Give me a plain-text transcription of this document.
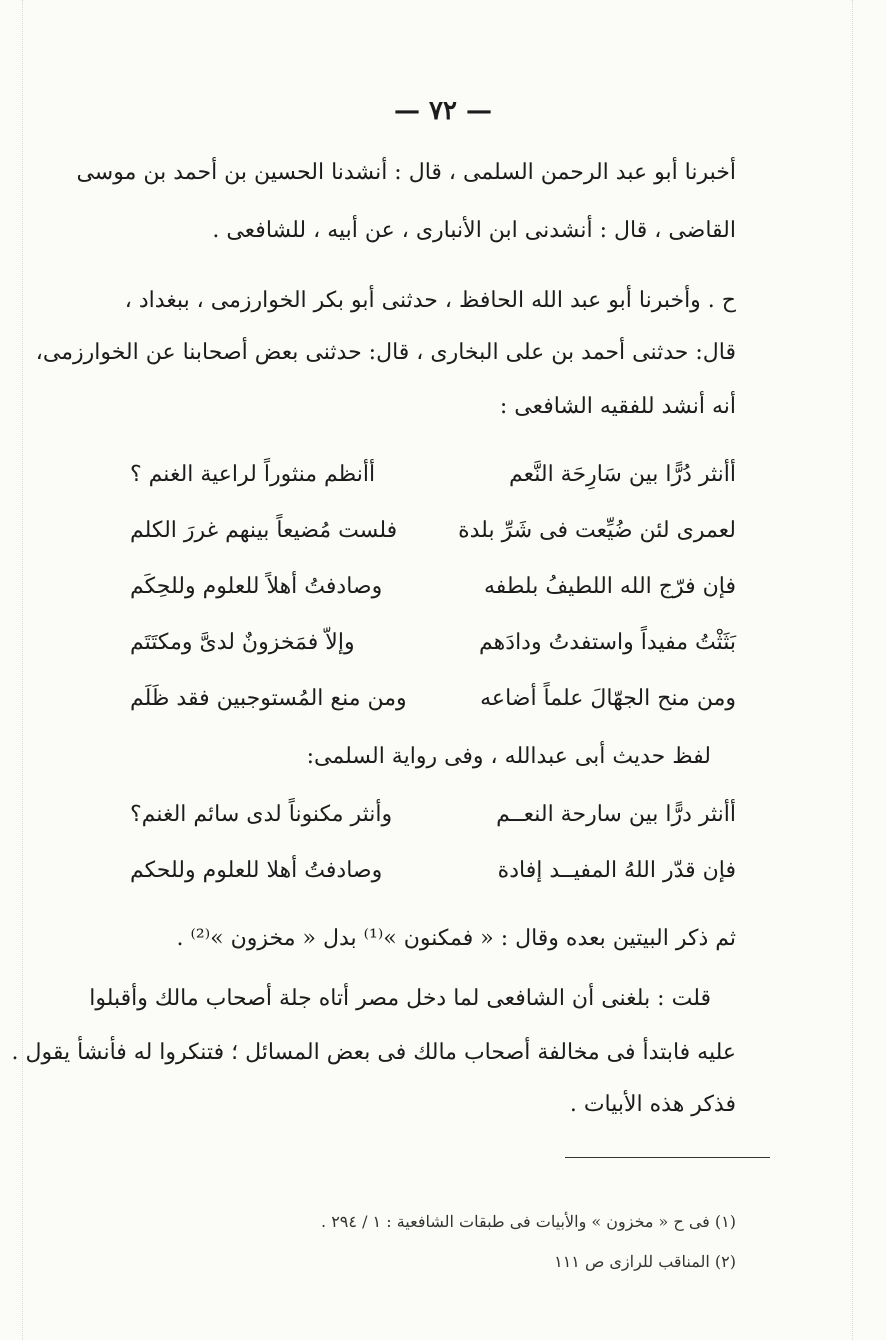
— ٧٢ —
أخبرنا أبو عبد الرحمن السلمى ، قال : أنشدنا الحسين بن أحمد بن موسى
القاضى ، قال : أنشدنى ابن الأنبارى ، عن أبيه ، للشافعى .
ح . وأخبرنا أبو عبد الله الحافظ ، حدثنى أبو بكر الخوارزمى ، ببغداد ،
قال: حدثنى أحمد بن على البخارى ، قال: حدثنى بعض أصحابنا عن الخوارزمى،
أنه أنشد للفقيه الشافعى :
أأنثر دُرًّا بين سَارِحَة النَّعم
أأنظم منثوراً لراعية الغنم ؟
لعمرى لئن ضُيِّعت فى شَرِّ بلدة
فلست مُضيعاً بينهم غررَ الكلم
فإن فرّج الله اللطيفُ بلطفه
وصادفتُ أهلاً للعلوم وللحِكَم
بَثَثْتُ مفيداً واستفدتُ ودادَهم
وإلاّ فمَخزونٌ لدىَّ ومكتَتَم
ومن منح الجهّالَ علماً أضاعه
ومن منع المُستوجبين فقد ظَلَم
لفظ حديث أبى عبدالله ، وفى رواية السلمى:
أأنثر درًّا بين سارحة النعــم
وأنثر مكنوناً لدى سائم الغنم؟
فإن قدّر اللهُ المفيــد إفادة
وصادفتُ أهلا للعلوم وللحكم
ثم ذكر البيتين بعده وقال : « فمكنون »⁽¹⁾ بدل « مخزون »⁽²⁾ .
قلت : بلغنى أن الشافعى لما دخل مصر أتاه جلة أصحاب مالك وأقبلوا
عليه فابتدأ فى مخالفة أصحاب مالك فى بعض المسائل ؛ فتنكروا له فأنشأ يقول .
فذكر هذه الأبيات .
(١) فى ح « مخزون » والأبيات فى طبقات الشافعية : ١ / ٢٩٤ .
(٢) المناقب للرازى ص ١١١
